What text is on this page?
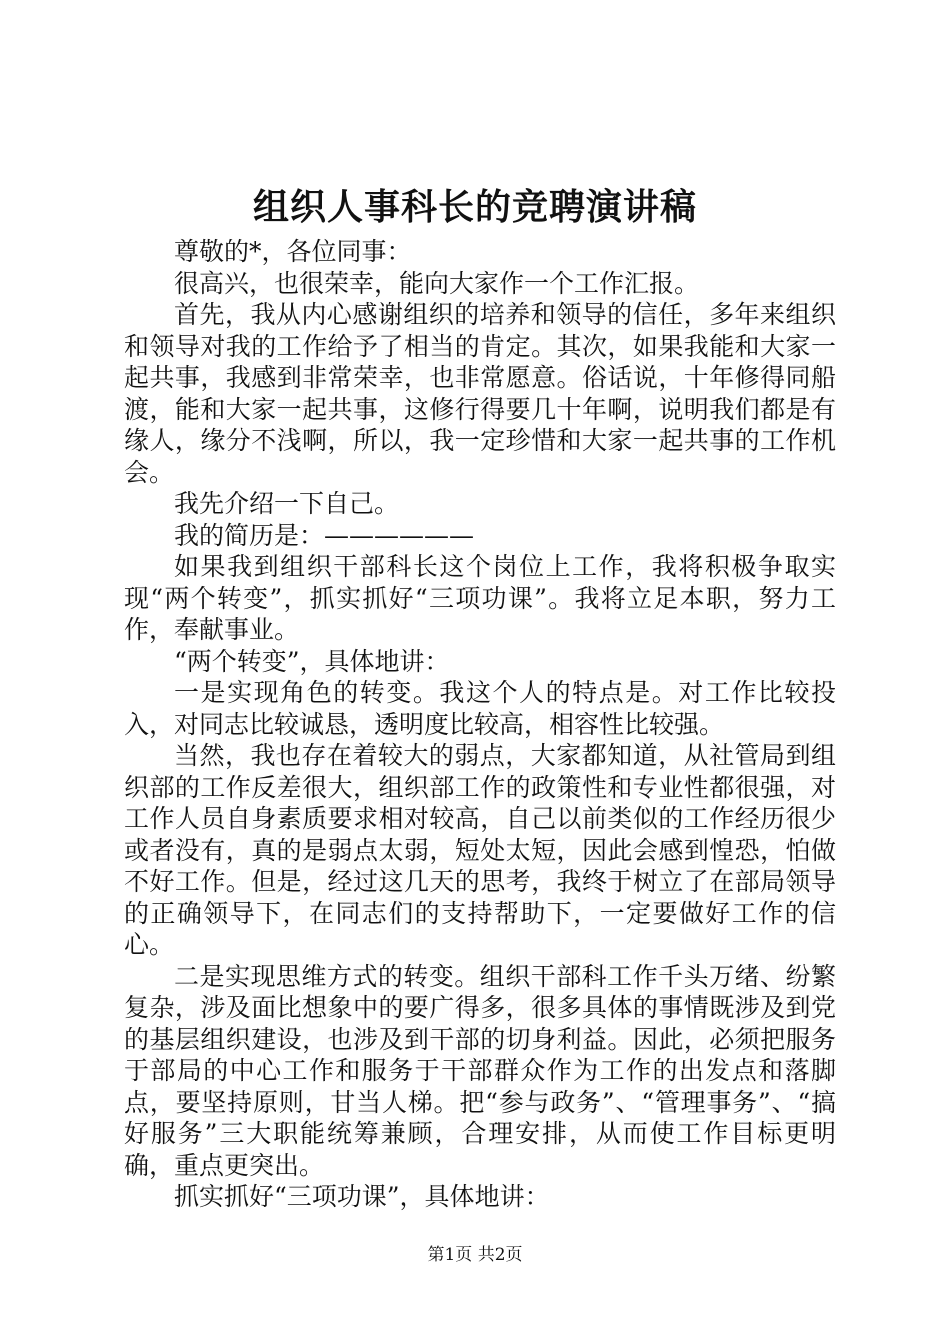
组织人事科长的竞聘演讲稿

尊敬的*，各位同事：

很高兴，也很荣幸，能向大家作一个工作汇报。

首先，我从内心感谢组织的培养和领导的信任，多年来组织和领导对我的工作给予了相当的肯定。其次，如果我能和大家一起共事，我感到非常荣幸，也非常愿意。俗话说，十年修得同船渡，能和大家一起共事，这修行得要几十年啊，说明我们都是有缘人，缘分不浅啊，所以，我一定珍惜和大家一起共事的工作机会。

我先介绍一下自己。

我的简历是：——————

如果我到组织干部科长这个岗位上工作，我将积极争取实现“两个转变”，抓实抓好“三项功课”。我将立足本职，努力工作，奉献事业。

“两个转变”，具体地讲：

一是实现角色的转变。我这个人的特点是。对工作比较投入，对同志比较诚恳，透明度比较高，相容性比较强。

当然，我也存在着较大的弱点，大家都知道，从社管局到组织部的工作反差很大，组织部工作的政策性和专业性都很强，对工作人员自身素质要求相对较高，自己以前类似的工作经历很少或者没有，真的是弱点太弱，短处太短，因此会感到惶恐，怕做不好工作。但是，经过这几天的思考，我终于树立了在部局领导的正确领导下，在同志们的支持帮助下，一定要做好工作的信心。

二是实现思维方式的转变。组织干部科工作千头万绪、纷繁复杂，涉及面比想象中的要广得多，很多具体的事情既涉及到党的基层组织建设，也涉及到干部的切身利益。因此，必须把服务于部局的中心工作和服务于干部群众作为工作的出发点和落脚点，要坚持原则，甘当人梯。把“参与政务”、“管理事务”、“搞好服务”三大职能统筹兼顾，合理安排，从而使工作目标更明确，重点更突出。

抓实抓好“三项功课”，具体地讲：

第1页 共2页
